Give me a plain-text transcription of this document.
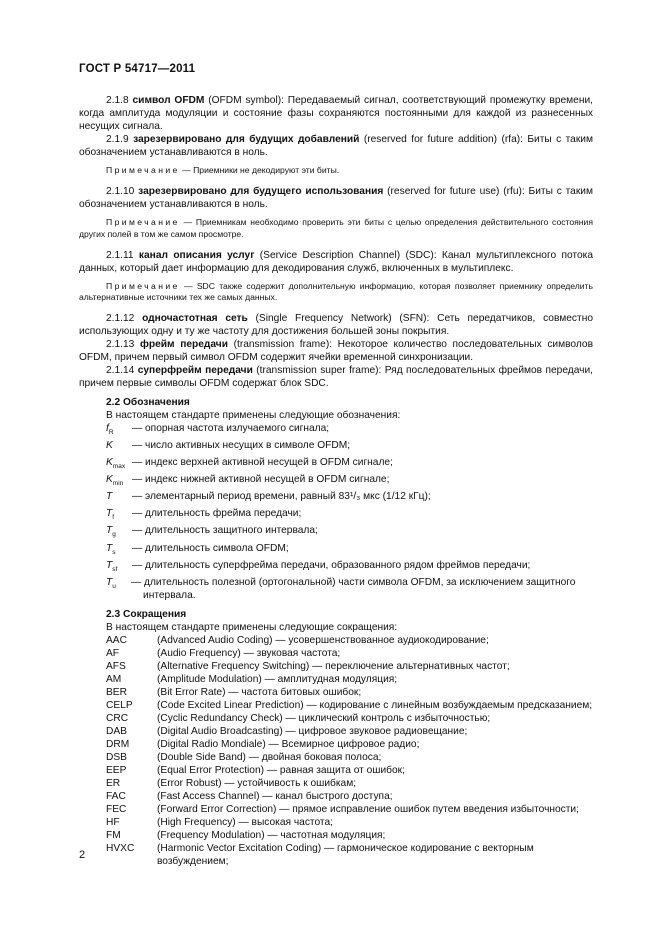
ГОСТ Р 54717—2011

2.1.8 символ OFDM (OFDM symbol): Передаваемый сигнал, соответствующий промежутку времени, когда амплитуда модуляции и состояние фазы сохраняются постоянными для каждой из разнесенных несущих сигнала.

2.1.9 зарезервировано для будущих добавлений (reserved for future addition) (rfa): Биты с таким обозначением устанавливаются в ноль.

Примечание — Приемники не декодируют эти биты.

2.1.10 зарезервировано для будущего использования (reserved for future use) (rfu): Биты с таким обозначением устанавливаются в ноль.

Примечание — Приемникам необходимо проверить эти биты с целью определения действительного состояния других полей в том же самом просмотре.

2.1.11 канал описания услуг (Service Description Channel) (SDC): Канал мультиплексного потока данных, который дает информацию для декодирования служб, включенных в мультиплекс.

Примечание — SDC также содержит дополнительную информацию, которая позволяет приемнику определить альтернативные источники тех же самых данных.

2.1.12 одночастотная сеть (Single Frequency Network) (SFN): Сеть передатчиков, совместно использующих одну и ту же частоту для достижения большей зоны покрытия.

2.1.13 фрейм передачи (transmission frame): Некоторое количество последовательных символов OFDM, причем первый символ OFDM содержит ячейки временной синхронизации.

2.1.14 суперфрейм передачи (transmission super frame): Ряд последовательных фреймов передачи, причем первые символы OFDM содержат блок SDC.

2.2 Обозначения

В настоящем стандарте применены следующие обозначения:

$f_R$	— опорная частота излучаемого сигнала;
K	— число активных несущих в символе OFDM;
$K_{max}$ — индекс верхней активной несущей в OFDM сигнале;
$K_{min}$ — индекс нижней активной несущей в OFDM сигнале;
T	— элементарный период времени, равный 83¹/₃ мкс (1/12 кГц);
$T_f$	— длительность фрейма передачи;
$T_g$	— длительность защитного интервала;
$T_s$	— длительность символа OFDM;
$T_{sf}$	— длительность суперфрейма передачи, образованного рядом фреймов передачи;
$T_u$	— длительность полезной (ортогональной) части символа OFDM, за исключением защитного интервала.

2.3 Сокращения

В настоящем стандарте применены следующие сокращения:

AAC	(Advanced Audio Coding) — усовершенствованное аудиокодирование;
AF	(Audio Frequency) — звуковая частота;
AFS	(Alternative Frequency Switching) — переключение альтернативных частот;
AM	(Amplitude Modulation) — амплитудная модуляция;
BER	(Bit Error Rate) — частота битовых ошибок;
CELP	(Code Excited Linear Prediction) — кодирование с линейным возбуждаемым предсказанием;
CRC	(Cyclic Redundancy Check) — циклический контроль с избыточностью;
DAB	(Digital Audio Broadcasting) — цифровое звуковое радиовещание;
DRM	(Digital Radio Mondiale) — Всемирное цифровое радио;
DSB	(Double Side Band) — двойная боковая полоса;
EEP	(Equal Error Protection) — равная защита от ошибок;
ER	(Error Robust) — устойчивость к ошибкам;
FAC	(Fast Access Channel) — канал быстрого доступа;
FEC	(Forward Error Correction) — прямое исправление ошибок путем введения избыточности;
HF	(High Frequency) — высокая частота;
FM	(Frequency Modulation) — частотная модуляция;
HVXC	(Harmonic Vector Excitation Coding) — гармоническое кодирование с векторным возбуждением;
2
